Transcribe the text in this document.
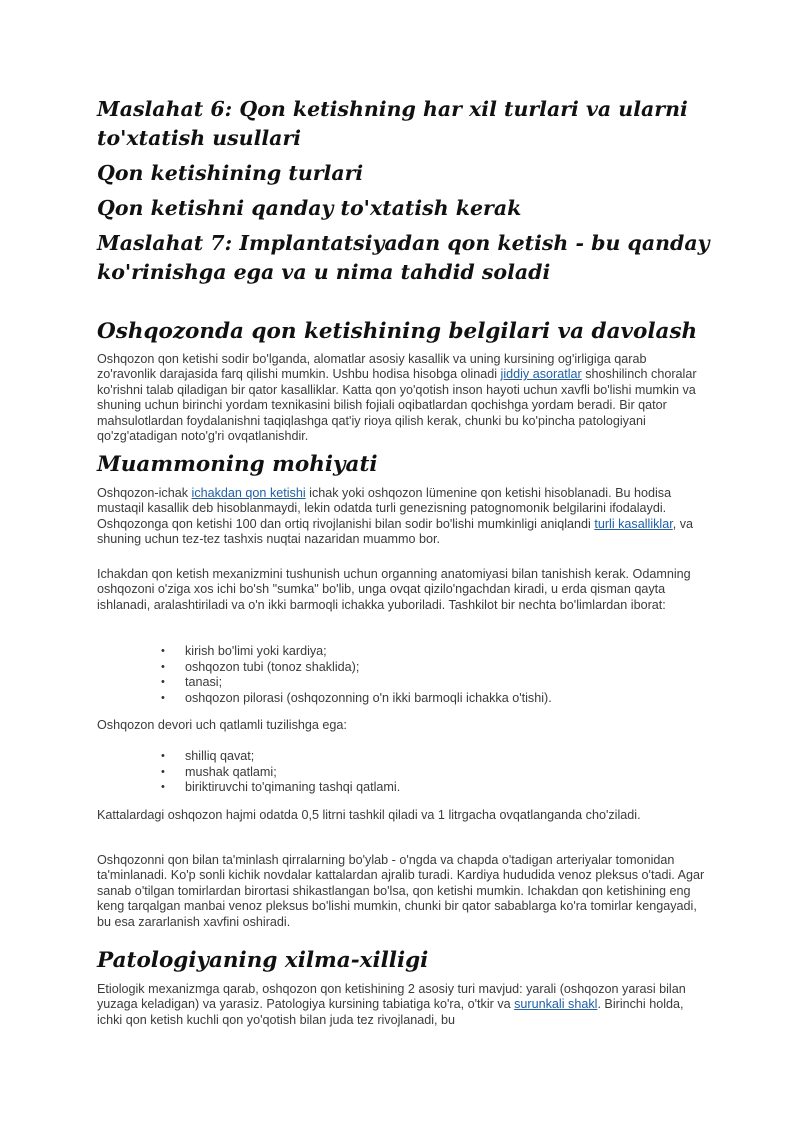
Maslahat 6: Qon ketishning har xil turlari va ularni to'xtatish usullari
Qon ketishining turlari
Qon ketishni qanday to'xtatish kerak
Maslahat 7: Implantatsiyadan qon ketish - bu qanday ko'rinishga ega va u nima tahdid soladi
Oshqozonda qon ketishining belgilari va davolash

Oshqozon qon ketishi sodir bo'lganda, alomatlar asosiy kasallik va uning kursining og'irligiga qarab zo'ravonlik darajasida farq qilishi mumkin. Ushbu hodisa hisobga olinadi jiddiy asoratlar shoshilinch choralar ko'rishni talab qiladigan bir qator kasalliklar. Katta qon yo'qotish inson hayoti uchun xavfli bo'lishi mumkin va shuning uchun birinchi yordam texnikasini bilish fojiali oqibatlardan qochishga yordam beradi. Bir qator mahsulotlardan foydalanishni taqiqlashga qat'iy rioya qilish kerak, chunki bu ko'pincha patologiyani qo'zg'atadigan noto'g'ri ovqatlanishdir.

Muammoning mohiyati

Oshqozon-ichak ichakdan qon ketishi ichak yoki oshqozon lümenine qon ketishi hisoblanadi. Bu hodisa mustaqil kasallik deb hisoblanmaydi, lekin odatda turli genezisning patognomonik belgilarini ifodalaydi. Oshqozonga qon ketishi 100 dan ortiq rivojlanishi bilan sodir bo'lishi mumkinligi aniqlandi turli kasalliklar, va shuning uchun tez-tez tashxis nuqtai nazaridan muammo bor.

Ichakdan qon ketish mexanizmini tushunish uchun organning anatomiyasi bilan tanishish kerak. Odamning oshqozoni o'ziga xos ichi bo'sh "sumka" bo'lib, unga ovqat qizilo'ngachdan kiradi, u erda qisman qayta ishlanadi, aralashtiriladi va o'n ikki barmoqli ichakka yuboriladi. Tashkilot bir nechta bo'limlardan iborat:

• kirish bo'limi yoki kardiya;
• oshqozon tubi (tonoz shaklida);
• tanasi;
• oshqozon pilorasi (oshqozonning o'n ikki barmoqli ichakka o'tishi).

Oshqozon devori uch qatlamli tuzilishga ega:

• shilliq qavat;
• mushak qatlami;
• biriktiruvchi to'qimaning tashqi qatlami.

Kattalardagi oshqozon hajmi odatda 0,5 litrni tashkil qiladi va 1 litrgacha ovqatlanganda cho'ziladi.

Oshqozonni qon bilan ta'minlash qirralarning bo'ylab - o'ngda va chapda o'tadigan arteriyalar tomonidan ta'minlanadi. Ko'p sonli kichik novdalar kattalardan ajralib turadi. Kardiya hududida venoz pleksus o'tadi. Agar sanab o'tilgan tomirlardan birortasi shikastlangan bo'lsa, qon ketishi mumkin. Ichakdan qon ketishining eng keng tarqalgan manbai venoz pleksus bo'lishi mumkin, chunki bir qator sabablarga ko'ra tomirlar kengayadi, bu esa zararlanish xavfini oshiradi.

Patologiyaning xilma-xilligi

Etiologik mexanizmga qarab, oshqozon qon ketishining 2 asosiy turi mavjud: yarali (oshqozon yarasi bilan yuzaga keladigan) va yarasiz. Patologiya kursining tabiatiga ko'ra, o'tkir va surunkali shakl. Birinchi holda, ichki qon ketish kuchli qon yo'qotish bilan juda tez rivojlanadi, bu
